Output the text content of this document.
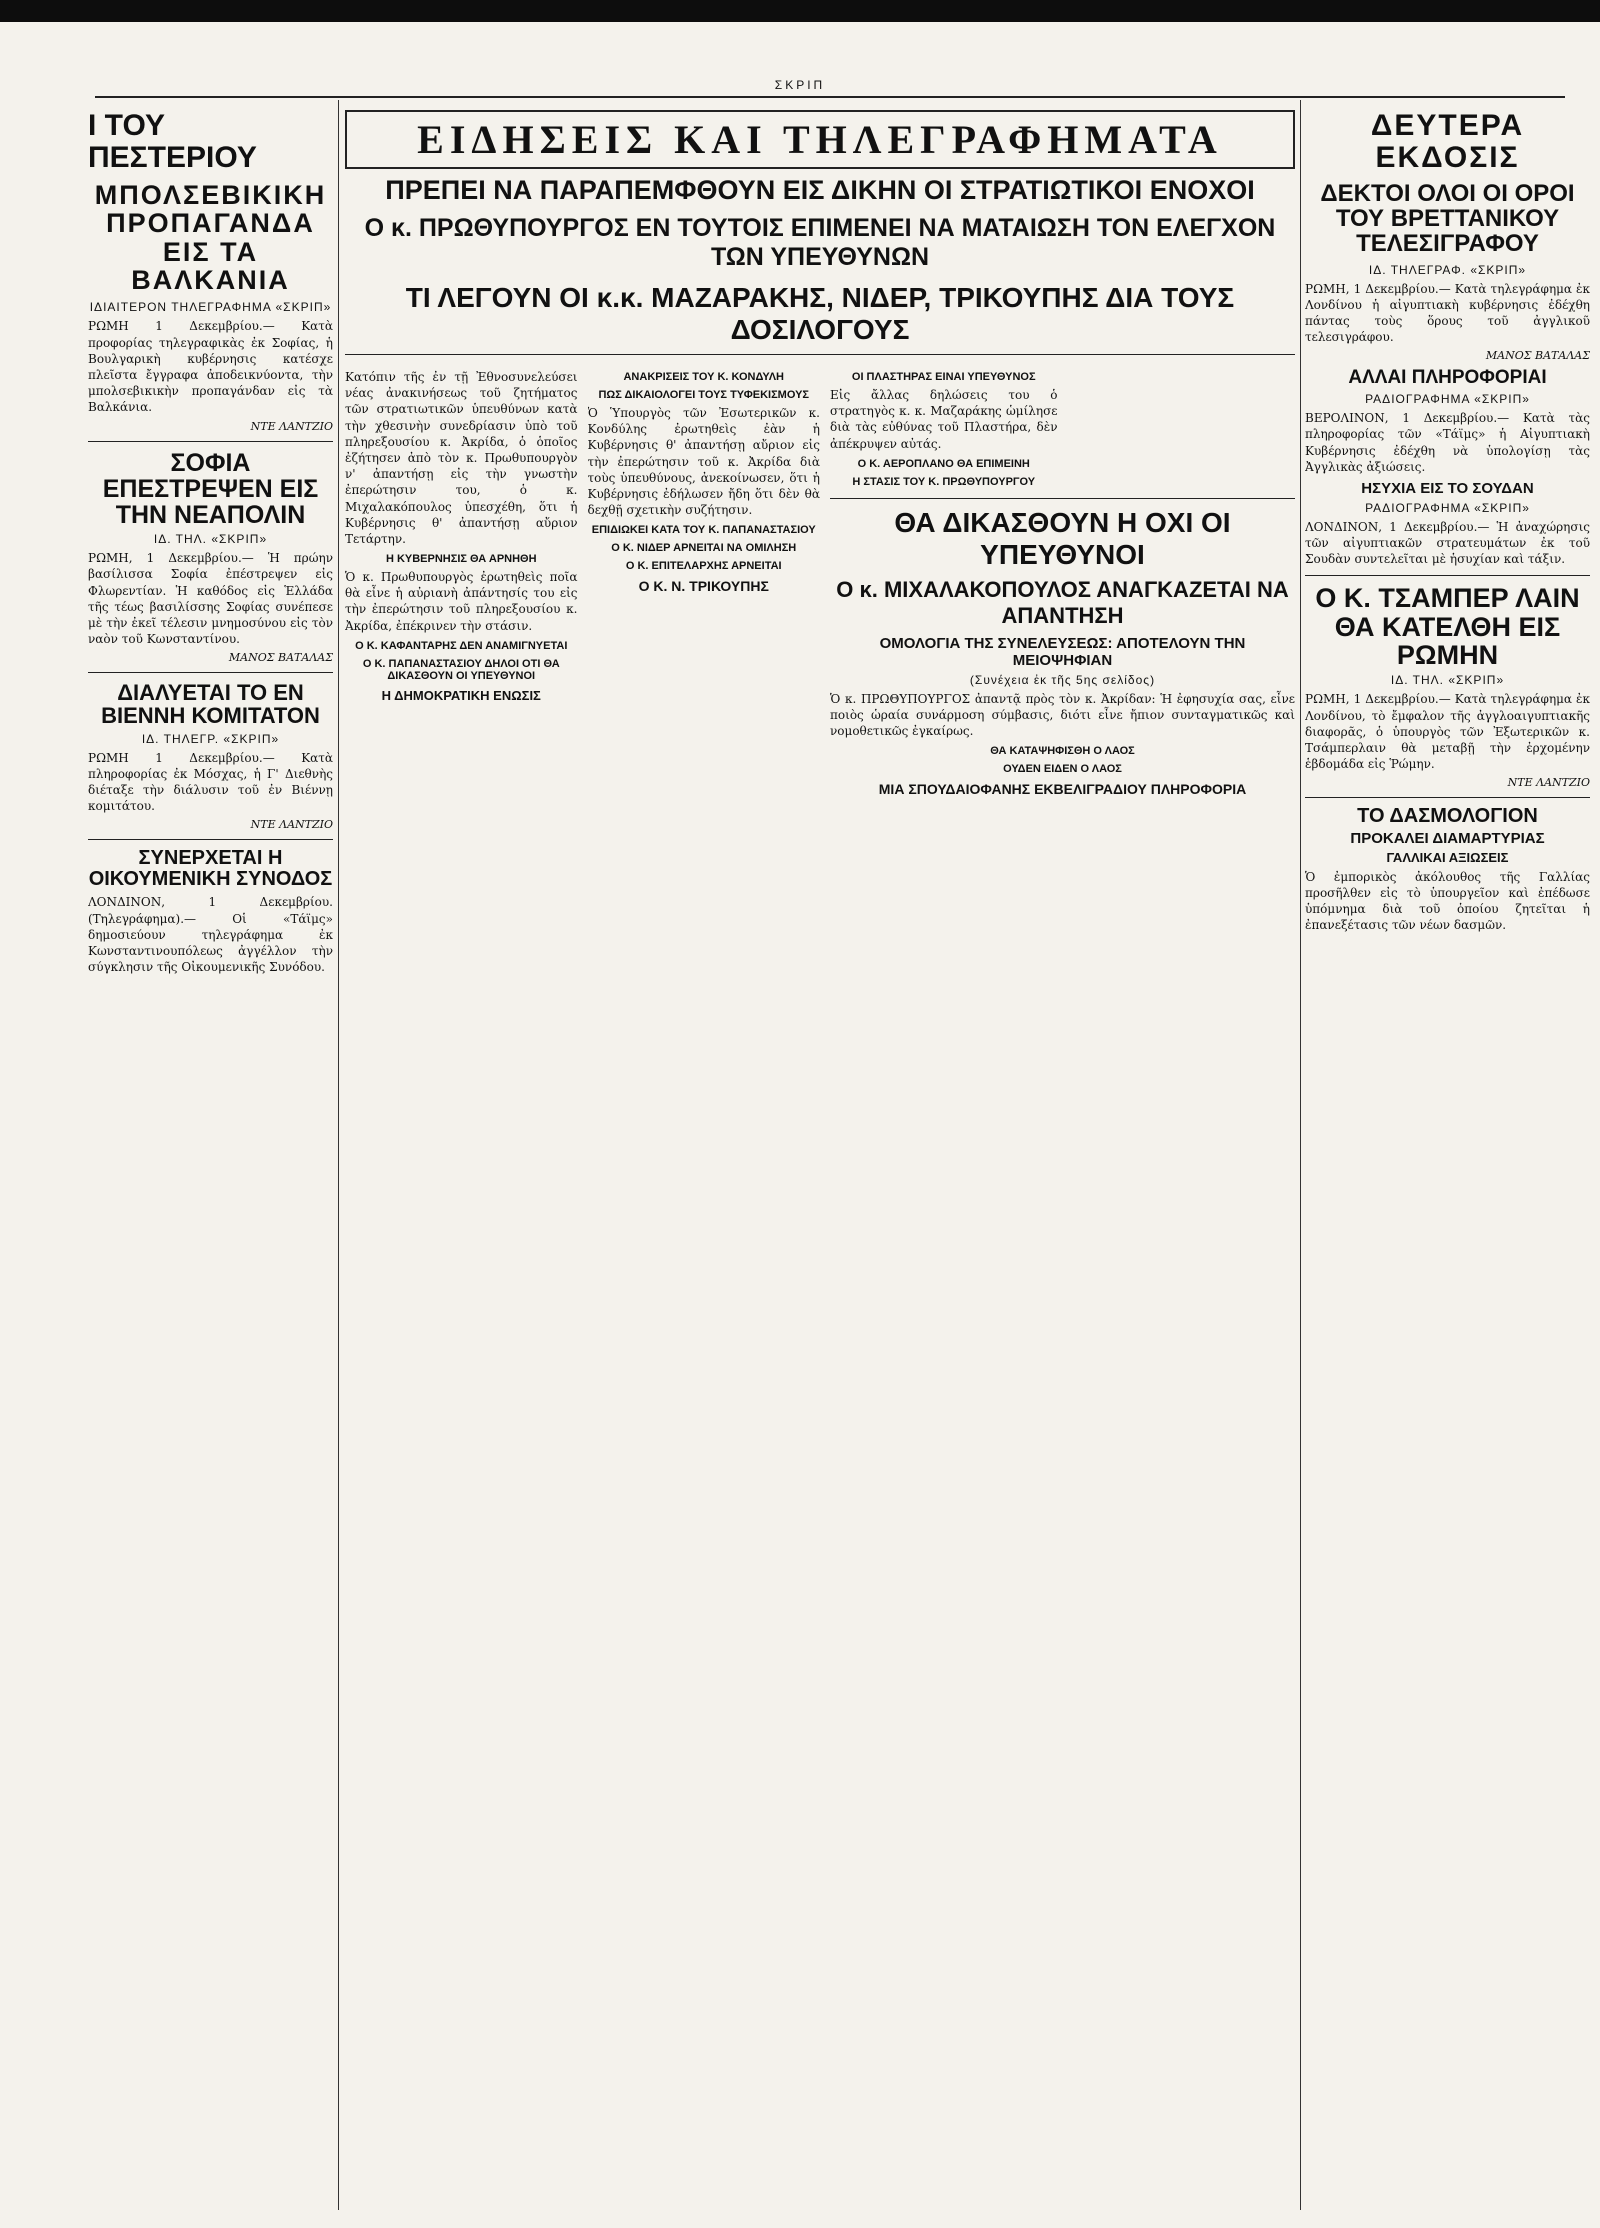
ΣΚΡΙΠ
Ι ΤΟΥ ΠΕΣΤΕΡΙΟΥ
ΜΠΟΛΣΕΒΙΚΙΚΗ ΠΡΟΠΑΓΑΝΔΑ ΕΙΣ ΤΑ ΒΑΛΚΑΝΙΑ
ΙΔΙΑΙΤΕΡΟΝ ΤΗΛΕΓΡΑΦΗΜΑ «ΣΚΡΙΠ»

ΡΩΜΗ 1 Δεκεμβρίου.— Κατὰ προφορίας τηλεγραφικὰς ἐκ Σοφίας, ἡ Βουλγαρικὴ κυβέρνησις κατέσχε πλεῖστα ἔγγραφα ἀποδεικνύοντα, τὴν μπολσεβικικὴν προπαγάνδαν εἰς τὰ Βαλκάνια.

ΝΤΕ ΛΑΝΤΖΙΟ
ΣΟΦΙΑ ΕΠΕΣΤΡΕΨΕΝ ΕΙΣ ΤΗΝ ΝΕΑΠΟΛΙΝ
ΙΔ. ΤΗΛ. «ΣΚΡΙΠ»

ΡΩΜΗ, 1 Δεκεμβρίου.— Ἡ πρώην βασίλισσα Σοφία ἐπέστρεψεν εἰς Φλωρεντίαν. Ἡ καθόδος εἰς Ἑλλάδα τῆς τέως βασιλίσσης Σοφίας συνέπεσε μὲ τὴν ἐκεῖ τέλεσιν μνημοσύνου εἰς τὸν ναὸν τοῦ Κωνσταντίνου.

ΜΑΝΟΣ ΒΑΤΑΛΑΣ
ΔΙΑΛΥΕΤΑΙ ΤΟ ΕΝ ΒΙΕΝΝΗ ΚΟΜΙΤΑΤΟΝ
ΙΔ. ΤΗΛΕΓΡ. «ΣΚΡΙΠ»

ΡΩΜΗ 1 Δεκεμβρίου.— Κατὰ πληροφορίας ἐκ Μόσχας, ἡ Γ' Διεθνὴς διέταξε τὴν διάλυσιν τοῦ ἐν Βιέννῃ κομιτάτου.

ΝΤΕ ΛΑΝΤΖΙΟ
ΣΥΝΕΡΧΕΤΑΙ Η ΟΙΚΟΥΜΕΝΙΚΗ ΣΥΝΟΔΟΣ

ΛΟΝΔΙΝΟΝ, 1 Δεκεμβρίου. (Τηλεγράφημα).— Οἱ «Τάϊμς» δημοσιεύουν τηλεγράφημα ἐκ Κωνσταντινουπόλεως ἀγγέλλον τὴν σύγκλησιν τῆς Οἰκουμενικῆς Συνόδου.

ΕΙΔΗΣΕΙΣ ΚΑΙ ΤΗΛΕΓΡΑΦΗΜΑΤΑ
ΠΡΕΠΕΙ ΝΑ ΠΑΡΑΠΕΜΦΘΟΥΝ ΕΙΣ ΔΙΚΗΝ ΟΙ ΣΤΡΑΤΙΩΤΙΚΟΙ ΕΝΟΧΟΙ
Ο κ. ΠΡΩΘΥΠΟΥΡΓΟΣ ΕΝ ΤΟΥΤΟΙΣ ΕΠΙΜΕΝΕΙ ΝΑ ΜΑΤΑΙΩΣΗ ΤΟΝ ΕΛΕΓΧΟΝ ΤΩΝ ΥΠΕΥΘΥΝΩΝ
ΤΙ ΛΕΓΟΥΝ ΟΙ κ.κ. ΜΑΖΑΡΑΚΗΣ, ΝΙΔΕΡ, ΤΡΙΚΟΥΠΗΣ ΔΙΑ ΤΟΥΣ ΔΟΣΙΛΟΓΟΥΣ

Κατόπιν τῆς ἐν τῇ Ἐθνοσυνελεύσει νέας ἀνακινήσεως τοῦ ζητήματος τῶν στρατιωτικῶν ὑπευθύνων κατὰ τὴν χθεσινὴν συνεδρίασιν ὑπὸ τοῦ πληρεξουσίου κ. Ἀκρίδα, ὁ ὁποῖος ἐζήτησεν ἀπὸ τὸν κ. Πρωθυπουργὸν ν' ἀπαντήσῃ εἰς τὴν γνωστὴν ἐπερώτησιν του, ὁ κ. Μιχαλακόπουλος ὑπεσχέθη, ὅτι ἡ Κυβέρνησις θ' ἀπαντήσῃ αὔριον Τετάρτην.

Η ΚΥΒΕΡΝΗΣΙΣ ΘΑ ΑΡΝΗΘΗ

Ὁ κ. Πρωθυπουργὸς ἐρωτηθεὶς ποῖα θὰ εἶνε ἡ αὐριανὴ ἀπάντησίς του εἰς τὴν ἐπερώτησιν τοῦ πληρεξουσίου κ. Ἀκρίδα, ἐπέκρινεν τὴν στάσιν.

Ο Κ. ΚΑΦΑΝΤΑΡΗΣ ΔΕΝ ΑΝΑΜΙΓΝΥΕΤΑΙ
Ο Κ. ΠΑΠΑΝΑΣΤΑΣΙΟΥ ΔΗΛΟΙ ΟΤΙ ΘΑ ΔΙΚΑΣΘΟΥΝ ΟΙ ΥΠΕΥΘΥΝΟΙ
Η ΔΗΜΟΚΡΑΤΙΚΗ ΕΝΩΣΙΣ
ΑΝΑΚΡΙΣΕΙΣ ΤΟΥ Κ. ΚΟΝΔΥΛΗ
ΠΩΣ ΔΙΚΑΙΟΛΟΓΕΙ ΤΟΥΣ ΤΥΦΕΚΙΣΜΟΥΣ

Ὁ Ὑπουργὸς τῶν Ἐσωτερικῶν κ. Κονδύλης ἐρωτηθεὶς ἐὰν ἡ Κυβέρνησις θ' ἀπαντήσῃ αὔριον εἰς τὴν ἐπερώτησιν τοῦ κ. Ἀκρίδα διὰ τοὺς ὑπευθύνους, ἀνεκοίνωσεν, ὅτι ἡ Κυβέρνησις ἐδήλωσεν ἤδη ὅτι δὲν θὰ δεχθῇ σχετικὴν συζήτησιν.

ΕΠΙΔΙΩΚΕΙ ΚΑΤΑ ΤΟΥ Κ. ΠΑΠΑΝΑΣΤΑΣΙΟΥ
Ο Κ. ΝΙΔΕΡ ΑΡΝΕΙΤΑΙ ΝΑ ΟΜΙΛΗΣΗ
Ο Κ. ΕΠΙΤΕΛΑΡΧΗΣ ΑΡΝΕΙΤΑΙ
Ο Κ. Ν. ΤΡΙΚΟΥΠΗΣ
ΟΙ ΠΛΑΣΤΗΡΑΣ ΕΙΝΑΙ ΥΠΕΥΘΥΝΟΣ

Εἰς ἄλλας δηλώσεις του ὁ στρατηγὸς κ. κ. Μαζαράκης ὡμίλησε διὰ τὰς εὐθύνας τοῦ Πλαστήρα, δὲν ἀπέκρυψεν αὐτάς.

Ο Κ. ΑΕΡΟΠΛΑΝΟ ΘΑ ΕΠΙΜΕΙΝΗ
Η ΣΤΑΣΙΣ ΤΟΥ Κ. ΠΡΩΘΥΠΟΥΡΓΟΥ
ΘΑ ΔΙΚΑΣΘΟΥΝ Η ΟΧΙ ΟΙ ΥΠΕΥΘΥΝΟΙ
Ο κ. ΜΙΧΑΛΑΚΟΠΟΥΛΟΣ ΑΝΑΓΚΑΖΕΤΑΙ ΝΑ ΑΠΑΝΤΗΣΗ
ΟΜΟΛΟΓΙΑ ΤΗΣ ΣΥΝΕΛΕΥΣΕΩΣ: ΑΠΟΤΕΛΟΥΝ ΤΗΝ ΜΕΙΟΨΗΦΙΑΝ
(Συνέχεια ἐκ τῆς 5ης σελίδος)

Ὁ κ. ΠΡΩΘΥΠΟΥΡΓΟΣ ἀπαντᾷ πρὸς τὸν κ. Ἀκρίδαν: Ἡ ἐφησυχία σας, εἶνε ποιὸς ὡραία συνάρμοση σύμβασις, διότι εἶνε ἤπιον συνταγματικῶς καὶ νομοθετικῶς ἐγκαίρως.

ΘΑ ΚΑΤΑΨΗΦΙΣΘΗ Ο ΛΑΟΣ
ΟΥΔΕΝ ΕΙΔΕΝ Ο ΛΑΟΣ
ΜΙΑ ΣΠΟΥΔΑΙΟΦΑΝΗΣ ΕΚΒΕΛΙΓΡΑΔΙΟΥ ΠΛΗΡΟΦΟΡΙΑ
ΔΕΥΤΕΡΑ ΕΚΔΟΣΙΣ
ΔΕΚΤΟΙ ΟΛΟΙ ΟΙ ΟΡΟΙ ΤΟΥ ΒΡΕΤΤΑΝΙΚΟΥ ΤΕΛΕΣΙΓΡΑΦΟΥ
ΙΔ. ΤΗΛΕΓΡΑΦ. «ΣΚΡΙΠ»

ΡΩΜΗ, 1 Δεκεμβρίου.— Κατὰ τηλεγράφημα ἐκ Λονδίνου ἡ αἰγυπτιακὴ κυβέρνησις ἐδέχθη πάντας τοὺς ὅρους τοῦ ἀγγλικοῦ τελεσιγράφου.

ΜΑΝΟΣ ΒΑΤΑΛΑΣ
ΑΛΛΑΙ ΠΛΗΡΟΦΟΡΙΑΙ
ΡΑΔΙΟΓΡΑΦΗΜΑ «ΣΚΡΙΠ»

ΒΕΡΟΛΙΝΟΝ, 1 Δεκεμβρίου.— Κατὰ τὰς πληροφορίας τῶν «Τάϊμς» ἡ Αἰγυπτιακὴ Κυβέρνησις ἐδέχθη νὰ ὑπολογίσῃ τὰς Ἀγγλικὰς ἀξιώσεις.

ΗΣΥΧΙΑ ΕΙΣ ΤΟ ΣΟΥΔΑΝ
ΡΑΔΙΟΓΡΑΦΗΜΑ «ΣΚΡΙΠ»

ΛΟΝΔΙΝΟΝ, 1 Δεκεμβρίου.— Ἡ ἀναχώρησις τῶν αἰγυπτιακῶν στρατευμάτων ἐκ τοῦ Σουδὰν συντελεῖται μὲ ἡσυχίαν καὶ τάξιν.

Ο Κ. ΤΣΑΜΠΕΡ ΛΑΙΝ ΘΑ ΚΑΤΕΛΘΗ ΕΙΣ ΡΩΜΗΝ
ΙΔ. ΤΗΛ. «ΣΚΡΙΠ»

ΡΩΜΗ, 1 Δεκεμβρίου.— Κατὰ τηλεγράφημα ἐκ Λονδίνου, τὸ ἔμφαλον τῆς ἀγγλοαιγυπτιακῆς διαφορᾶς, ὁ ὑπουργὸς τῶν Ἐξωτερικῶν κ. Τσάμπερλαιν θὰ μεταβῇ τὴν ἐρχομένην ἑβδομάδα εἰς Ῥώμην.

ΝΤΕ ΛΑΝΤΖΙΟ
ΤΟ ΔΑΣΜΟΛΟΓΙΟΝ
ΠΡΟΚΑΛΕΙ ΔΙΑΜΑΡΤΥΡΙΑΣ
ΓΑΛΛΙΚΑΙ ΑΞΙΩΣΕΙΣ

Ὁ ἐμπορικὸς ἀκόλουθος τῆς Γαλλίας προσῆλθεν εἰς τὸ ὑπουργεῖον καὶ ἐπέδωσε ὑπόμνημα διὰ τοῦ ὁποίου ζητεῖται ἡ ἐπανεξέτασις τῶν νέων δασμῶν.
